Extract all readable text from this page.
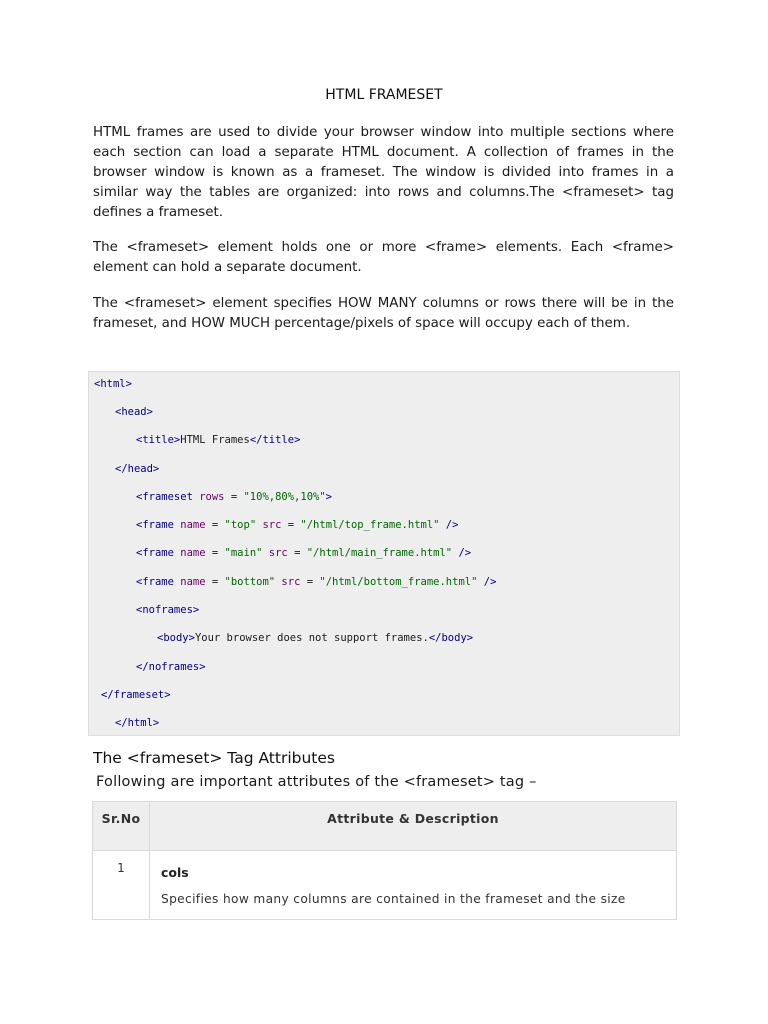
HTML FRAMESET
HTML frames are used to divide your browser window into multiple sections where each section can load a separate HTML document. A collection of frames in the browser window is known as a frameset. The window is divided into frames in a similar way the tables are organized: into rows and columns.The <frameset> tag defines a frameset.
The <frameset> element holds one or more <frame> elements. Each <frame> element can hold a separate document.
The <frameset> element specifies HOW MANY columns or rows there will be in the frameset, and HOW MUCH percentage/pixels of space will occupy each of them.
<html>
<head>
<title>HTML Frames</title>
</head>
<frameset rows = "10%,80%,10%">
<frame name = "top" src = "/html/top_frame.html" />
<frame name = "main" src = "/html/main_frame.html" />
<frame name = "bottom" src = "/html/bottom_frame.html" />
<noframes>
<body>Your browser does not support frames.</body>
</noframes>
</frameset>
</html>
The <frameset> Tag Attributes
Following are important attributes of the <frameset> tag –
Sr.No	Attribute & Description
1	cols
Specifies how many columns are contained in the frameset and the size
